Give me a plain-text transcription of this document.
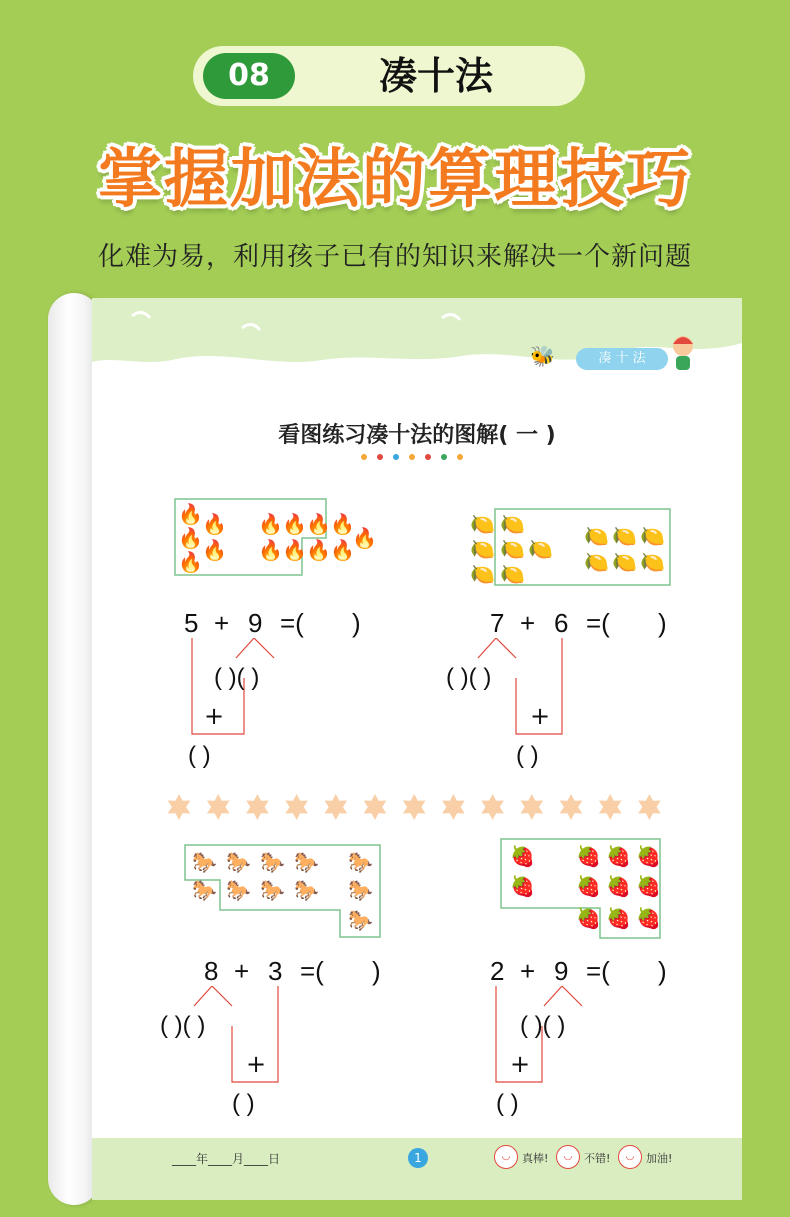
08	凑十法
掌握加法的算理技巧
化难为易，利用孩子已有的知识来解决一个新问题
🐝	凑 十 法
看图练习凑十法的图解( 一 )
🔥 🔥
🔥 🔥
🔥
🔥 🔥 🔥 🔥
🔥 🔥 🔥 🔥
🔥
🍋 🍋
🍋 🍋 🍋
🍋 🍋
🍋 🍋 🍋
🍋 🍋 🍋
5 + 9 =( )
( )( )
+
( )
7 + 6 =( )
( )( )
+
( )
🐎 🐎 🐎 🐎 🐎
🐎 🐎 🐎 🐎 🐎
🐎
🍓
🍓
🍓 🍓 🍓
🍓 🍓 🍓
🍓 🍓 🍓
8 + 3 =( )
( )( )
+
( )
2 + 9 =( )
( )( )
+
( )
____年____月____日	1	◡	真棒!	◡	不错!	◡	加油!
